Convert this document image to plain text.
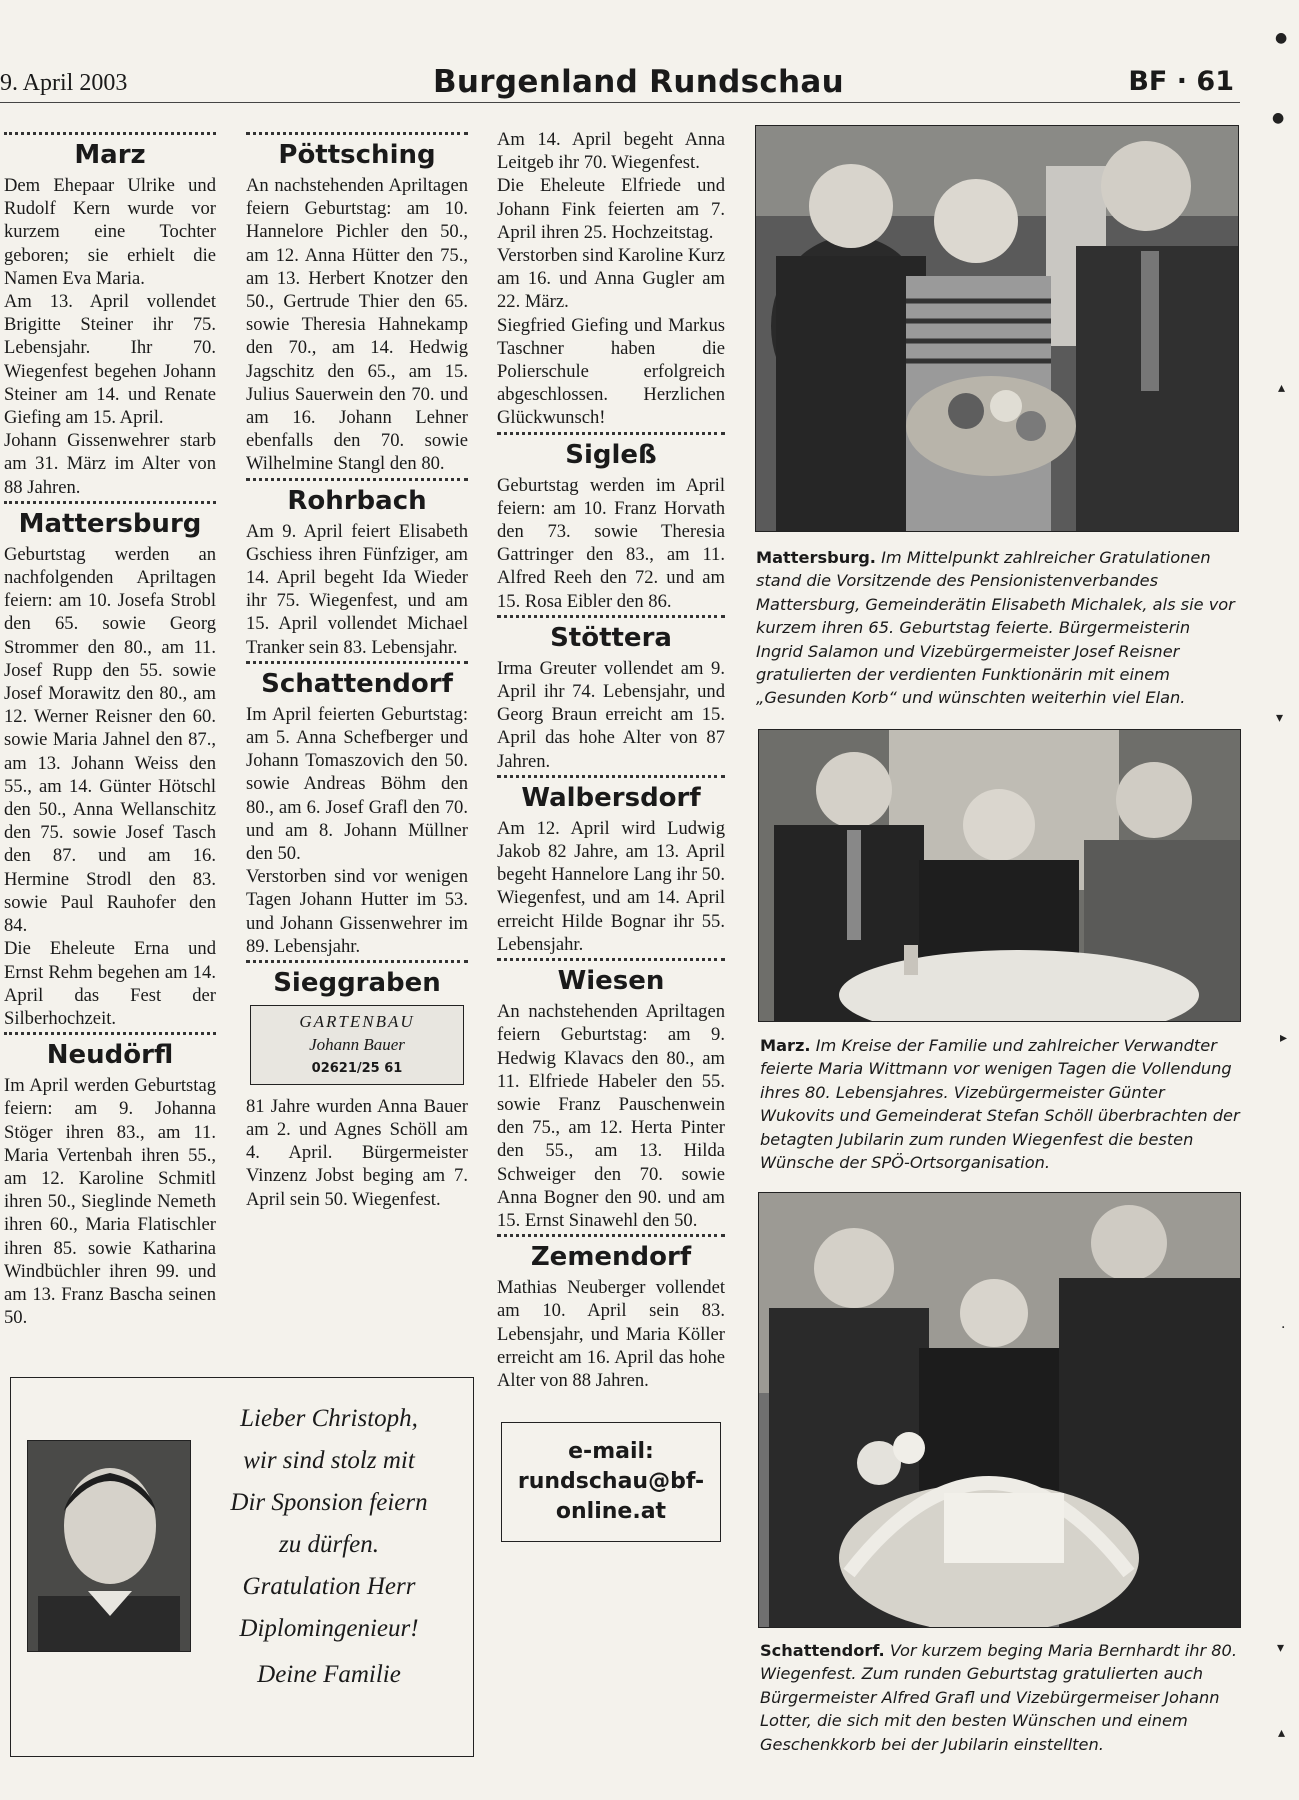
9. April 2003	Burgenland Rundschau	BF · 61
Marz

Dem Ehepaar Ulrike und Rudolf Kern wurde vor kurzem eine Tochter geboren; sie erhielt die Namen Eva Maria.

Am 13. April vollendet Brigitte Steiner ihr 75. Lebensjahr. Ihr 70. Wiegenfest begehen Johann Steiner am 14. und Renate Giefing am 15. April.

Johann Gissenwehrer starb am 31. März im Alter von 88 Jahren.

Mattersburg

Geburtstag werden an nachfolgenden Apriltagen feiern: am 10. Josefa Strobl den 65. sowie Georg Strommer den 80., am 11. Josef Rupp den 55. sowie Josef Morawitz den 80., am 12. Werner Reisner den 60. sowie Maria Jahnel den 87., am 13. Johann Weiss den 55., am 14. Günter Hötschl den 50., Anna Wellanschitz den 75. sowie Josef Tasch den 87. und am 16. Hermine Strodl den 83. sowie Paul Rauhofer den 84.

Die Eheleute Erna und Ernst Rehm begehen am 14. April das Fest der Silberhochzeit.

Neudörfl

Im April werden Geburtstag feiern: am 9. Johanna Stöger ihren 83., am 11. Maria Vertenbah ihren 55., am 12. Karoline Schmitl ihren 50., Sieglinde Nemeth ihren 60., Maria Flatischler ihren 85. sowie Katharina Windbüchler ihren 99. und am 13. Franz Bascha seinen 50.

Pöttsching

An nachstehenden Apriltagen feiern Geburtstag: am 10. Hannelore Pichler den 50., am 12. Anna Hütter den 75., am 13. Herbert Knotzer den 50., Gertrude Thier den 65. sowie Theresia Hahnekamp den 70., am 14. Hedwig Jagschitz den 65., am 15. Julius Sauerwein den 70. und am 16. Johann Lehner ebenfalls den 70. sowie Wilhelmine Stangl den 80.

Rohrbach

Am 9. April feiert Elisabeth Gschiess ihren Fünfziger, am 14. April begeht Ida Wieder ihr 75. Wiegenfest, und am 15. April vollendet Michael Tranker sein 83. Lebensjahr.

Schattendorf

Im April feierten Geburtstag: am 5. Anna Schefberger und Johann Tomaszovich den 50. sowie Andreas Böhm den 80., am 6. Josef Grafl den 70. und am 8. Johann Müllner den 50.

Verstorben sind vor wenigen Tagen Johann Hutter im 53. und Johann Gissenwehrer im 89. Lebensjahr.

Sieggraben
GARTENBAU
Johann Bauer
02621/25 61

81 Jahre wurden Anna Bauer am 2. und Agnes Schöll am 4. April. Bürgermeister Vinzenz Jobst beging am 7. April sein 50. Wiegenfest.

Am 14. April begeht Anna Leitgeb ihr 70. Wiegenfest.

Die Eheleute Elfriede und Johann Fink feierten am 7. April ihren 25. Hochzeitstag.

Verstorben sind Karoline Kurz am 16. und Anna Gugler am 22. März.

Siegfried Giefing und Markus Taschner haben die Polierschule erfolgreich abgeschlossen. Herzlichen Glückwunsch!

Sigleß

Geburtstag werden im April feiern: am 10. Franz Horvath den 73. sowie Theresia Gattringer den 83., am 11. Alfred Reeh den 72. und am 15. Rosa Eibler den 86.

Stöttera

Irma Greuter vollendet am 9. April ihr 74. Lebensjahr, und Georg Braun erreicht am 15. April das hohe Alter von 87 Jahren.

Walbersdorf

Am 12. April wird Ludwig Jakob 82 Jahre, am 13. April begeht Hannelore Lang ihr 50. Wiegenfest, und am 14. April erreicht Hilde Bognar ihr 55. Lebensjahr.

Wiesen

An nachstehenden Apriltagen feiern Geburtstag: am 9. Hedwig Klavacs den 80., am 11. Elfriede Habeler den 55. sowie Franz Pauschenwein den 75., am 12. Herta Pinter den 55., am 13. Hilda Schweiger den 70. sowie Anna Bogner den 90. und am 15. Ernst Sinawehl den 50.

Zemendorf

Mathias Neuberger vollendet am 10. April sein 83. Lebensjahr, und Maria Köller erreicht am 16. April das hohe Alter von 88 Jahren.

e-mail:
rundschau@bf-
online.at
Mattersburg. Im Mittelpunkt zahlreicher Gratulationen stand die Vorsitzende des Pensionistenverbandes Mattersburg, Gemeinderätin Elisabeth Michalek, als sie vor kurzem ihren 65. Geburtstag feierte. Bürgermeisterin Ingrid Salamon und Vizebürgermeister Josef Reisner gratulierten der verdienten Funktionärin mit einem „Gesunden Korb“ und wünschten weiterhin viel Elan.
Marz. Im Kreise der Familie und zahlreicher Verwandter feierte Maria Wittmann vor wenigen Tagen die Vollendung ihres 80. Lebensjahres. Vizebürgermeister Günter Wukovits und Gemeinderat Stefan Schöll überbrachten der betagten Jubilarin zum runden Wiegenfest die besten Wünsche der SPÖ-Ortsorganisation.
Schattendorf. Vor kurzem beging Maria Bernhardt ihr 80. Wiegenfest. Zum runden Geburtstag gratulierten auch Bürgermeister Alfred Grafl und Vizebürgermeiser Johann Lotter, die sich mit den besten Wünschen und einem Geschenkkorb bei der Jubilarin einstellten.
Lieber Christoph,
wir sind stolz mit
Dir Sponsion feiern
zu dürfen.
Gratulation Herr
Diplomingenieur!
Deine Familie
●
●
▴
▾
▸
·
▾
▴
